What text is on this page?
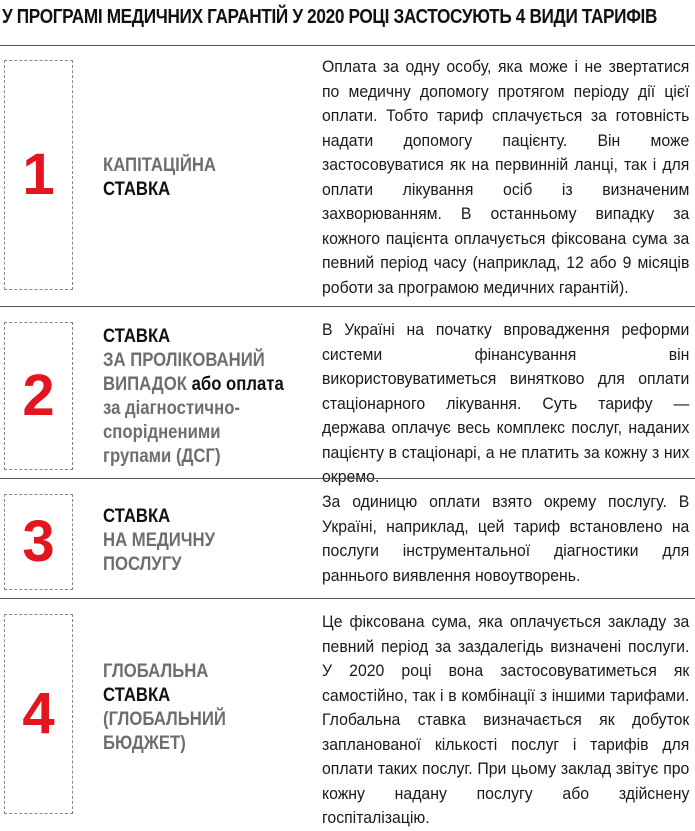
У ПРОГРАМІ МЕДИЧНИХ ГАРАНТІЙ У 2020 РОЦІ ЗАСТОСУЮТЬ 4 ВИДИ ТАРИФІВ
1	КАПІТАЦІЙНА
СТАВКА
Оплата за одну особу, яка може і не звертатися по медичну допомогу протягом періоду дії цієї оплати. Тобто тариф сплачується за готовність надати допомогу пацієнту. Він може застосовуватися як на первинній ланці, так і для оплати лікування осіб із визначеним захворюванням. В останньому випадку за кожного пацієнта оплачується фіксована сума за певний період часу (наприклад, 12 або 9 місяців роботи за програмою медичних гарантій).
2
СТАВКА
ЗА ПРОЛІКОВАНИЙ
ВИПАДОК або оплата
за діагностично-
спорідненими
групами (ДСГ)
В Україні на початку впровадження реформи системи фінансування він використовуватиметься винятково для оплати стаціонарного лікування. Суть тарифу — держава оплачує весь комплекс послуг, наданих пацієнту в стаціонарі, а не платить за кожну з них окремо.
3	СТАВКА
НА МЕДИЧНУ
ПОСЛУГУ
За одиницю оплати взято окрему послугу. В Україні, наприклад, цей тариф встановлено на послуги інструментальної діагностики для раннього виявлення новоутворень.
4
ГЛОБАЛЬНА
СТАВКА
(ГЛОБАЛЬНИЙ
БЮДЖЕТ)
Це фіксована сума, яка оплачується закладу за певний період за заздалегідь визначені послуги. У 2020 році вона застосовуватиметься як самостійно, так і в комбінації з іншими тарифами. Глобальна ставка визначається як добуток запланованої кількості послуг і тарифів для оплати таких послуг. При цьому заклад звітує про кожну надану послугу або здійснену госпіталізацію.
